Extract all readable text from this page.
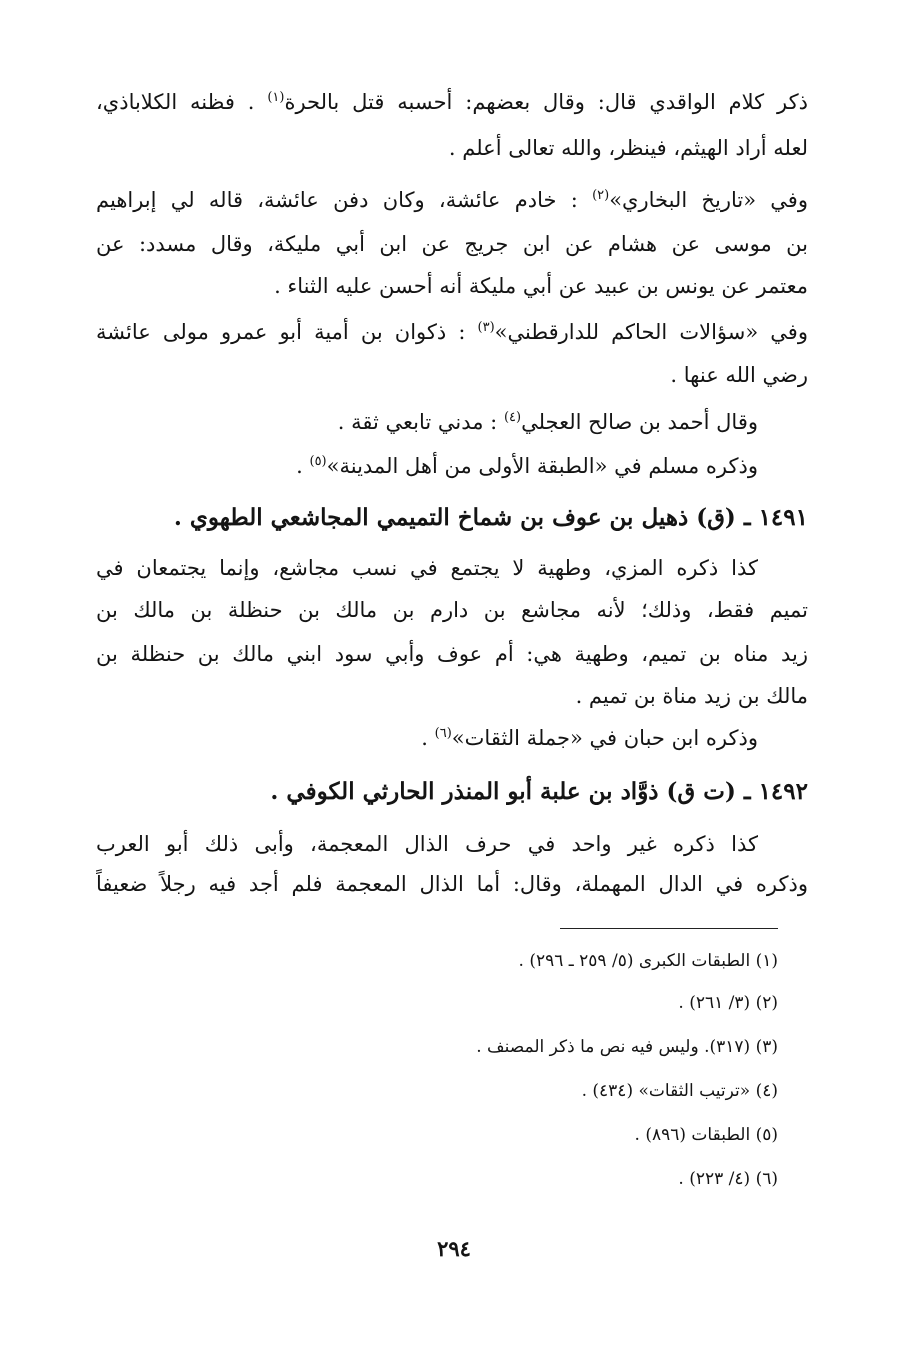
ذكر كلام الواقدي قال: وقال بعضهم: أحسبه قتل بالحرة$^{(١)}$ . فظنه الكلاباذي،
لعله أراد الهيثم، فينظر، والله تعالى أعلم .
وفي «تاريخ البخاري»$^{(٢)}$ : خادم عائشة، وكان دفن عائشة، قاله لي إبراهيم
بن موسى عن هشام عن ابن جريج عن ابن أبي مليكة، وقال مسدد: عن
معتمر عن يونس بن عبيد عن أبي مليكة أنه أحسن عليه الثناء .
وفي «سؤالات الحاكم للدارقطني»$^{(٣)}$ : ذكوان بن أمية أبو عمرو مولى عائشة
رضي الله عنها .
وقال أحمد بن صالح العجلي$^{(٤)}$ : مدني تابعي ثقة .
وذكره مسلم في «الطبقة الأولى من أهل المدينة»$^{(٥)}$ .
١٤٩١ ـ (ق) ذهيل بن عوف بن شماخ التميمي المجاشعي الطهوي .
كذا ذكره المزي، وطهية لا يجتمع في نسب مجاشع، وإنما يجتمعان في
تميم فقط، وذلك؛ لأنه مجاشع بن دارم بن مالك بن حنظلة بن مالك بن
زيد مناه بن تميم، وطهية هي: أم عوف وأبي سود ابني مالك بن حنظلة بن
مالك بن زيد مناة بن تميم .
وذكره ابن حبان في «جملة الثقات»$^{(٦)}$ .
١٤٩٢ ـ (ت ق) ذوَّاد بن علبة أبو المنذر الحارثي الكوفي .
كذا ذكره غير واحد في حرف الذال المعجمة، وأبى ذلك أبو العرب
وذكره في الدال المهملة، وقال: أما الذال المعجمة فلم أجد فيه رجلاً ضعيفاً
(١) الطبقات الكبرى (٥/ ٢٥٩ ـ ٢٩٦) .
(٢) (٣/ ٢٦١) .
(٣) (٣١٧). وليس فيه نص ما ذكر المصنف .
(٤) «ترتيب الثقات» (٤٣٤) .
(٥) الطبقات (٨٩٦) .
(٦) (٤/ ٢٢٣) .
٢٩٤
